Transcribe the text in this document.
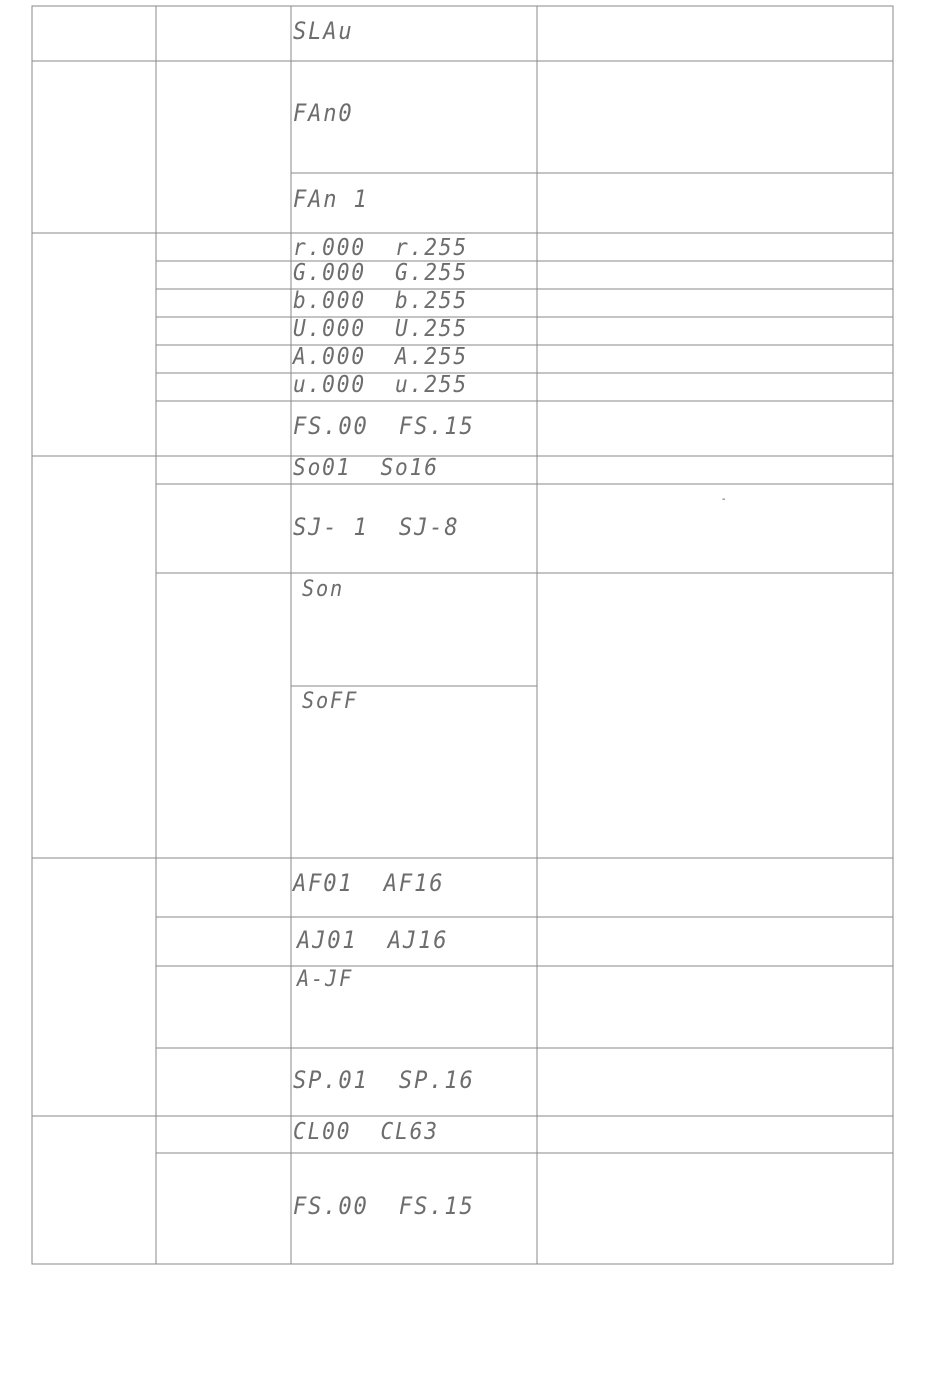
SLAu
FAn0
FAn 1
r.000  r.255
G.000  G.255
b.000  b.255
U.000  U.255
A.000  A.255
u.000  u.255
FS.00  FS.15
So01  So16
SJ- 1  SJ-8
Son
SoFF
AF01  AF16
AJ01  AJ16
A-JF
SP.01  SP.16
CL00  CL63
FS.00  FS.15
-
